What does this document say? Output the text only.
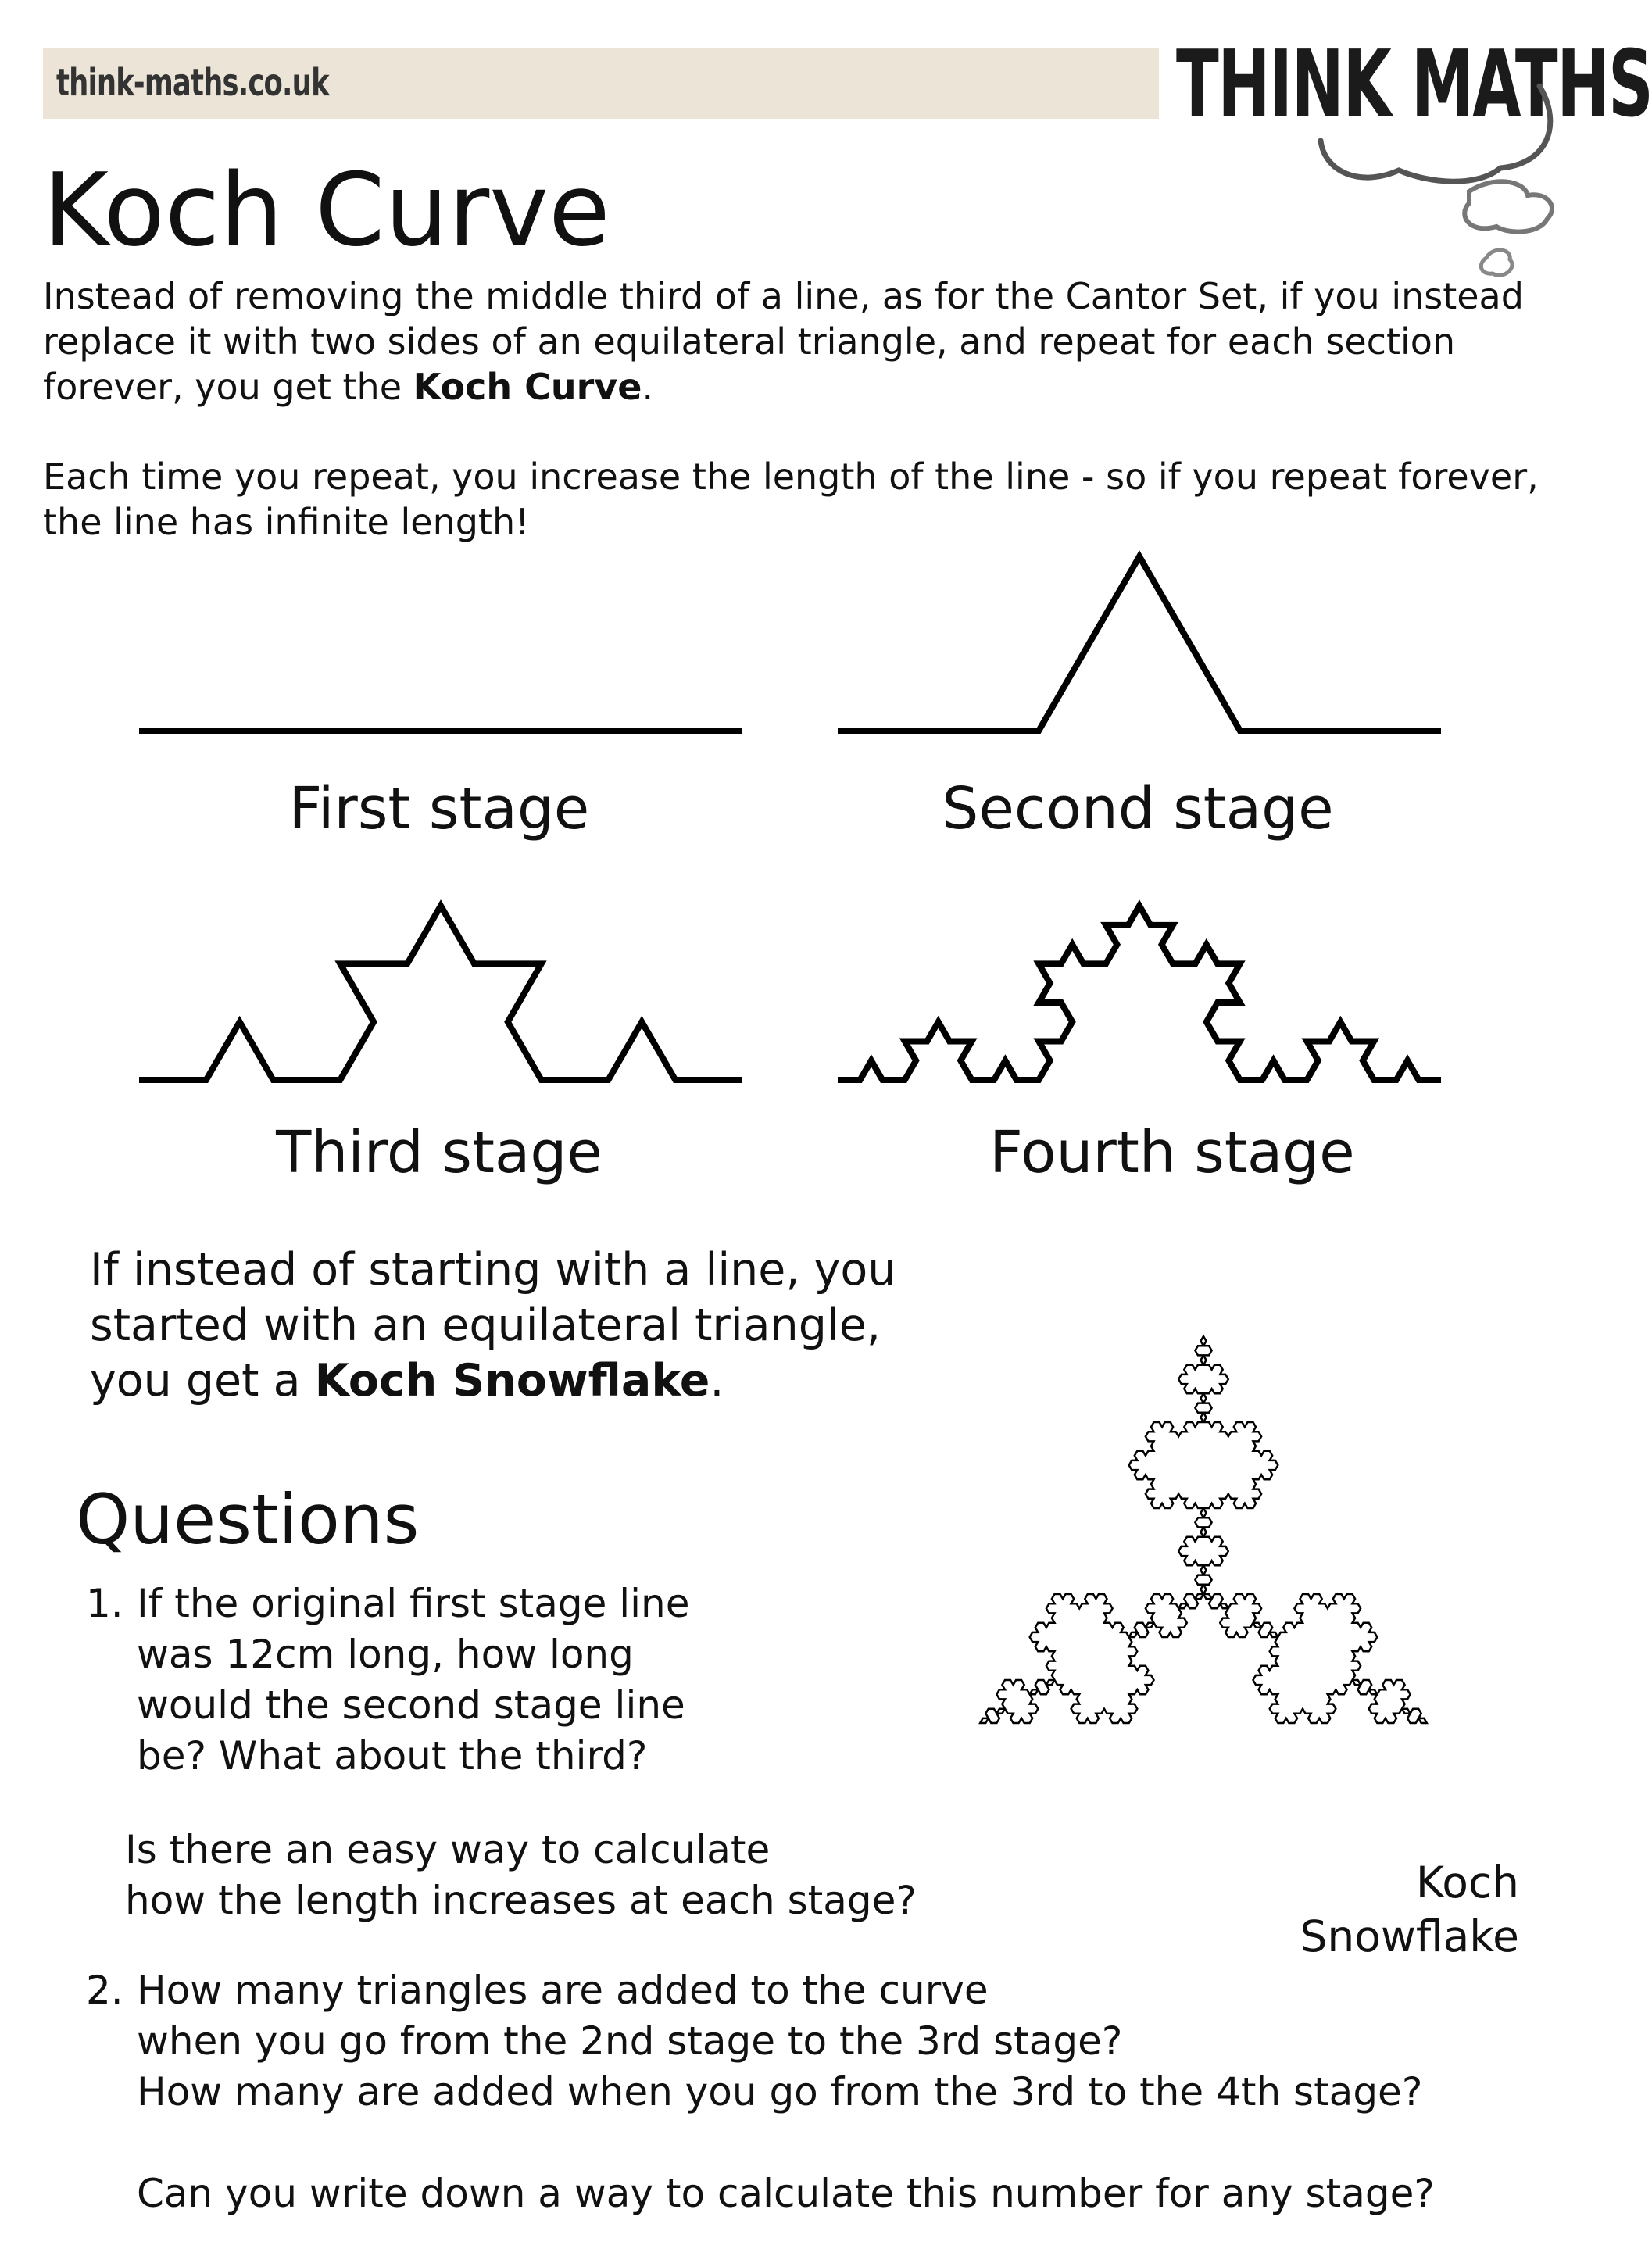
think-maths.co.uk	THINK MATHS
Koch Curve

Instead of removing the middle third of a line, as for the Cantor Set, if you instead replace it with two sides of an equilateral triangle, and repeat for each section forever, you get the Koch Curve.

Each time you repeat, you increase the length of the line - so if you repeat forever, the line has infinite length!

First stage	Second stage
Third stage	Fourth stage
If instead of starting with a line, you started with an equilateral triangle, you get a Koch Snowflake.
Koch
Snowflake
Questions
1. If the original first stage line
was 12cm long, how long
would the second stage line
be? What about the third?
Is there an easy way to calculate
how the length increases at each stage?
2. How many triangles are added to the curve
when you go from the 2nd stage to the 3rd stage?
How many are added when you go from the 3rd to the 4th stage?
Can you write down a way to calculate this number for any stage?
